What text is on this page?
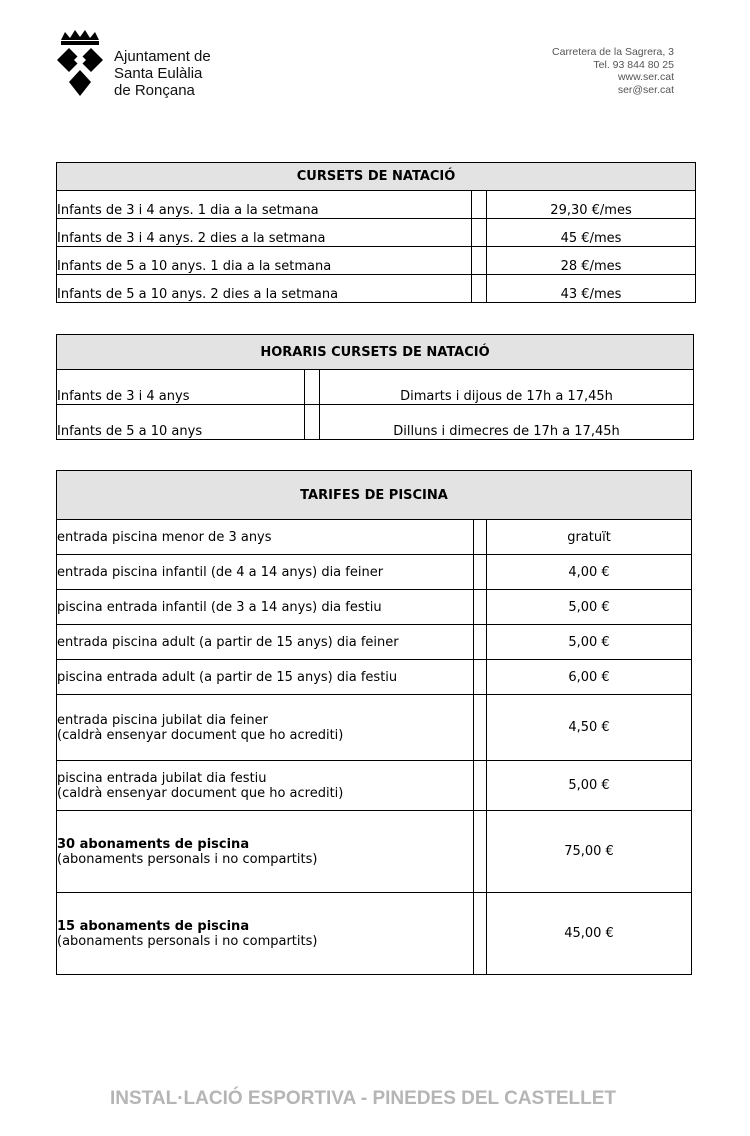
Ajuntament de
Santa Eulàlia
de Ronçana
Carretera de la Sagrera, 3
Tel. 93 844 80 25
www.ser.cat
ser@ser.cat
CURSETS DE NATACIÓ		
Infants de 3 i 4 anys. 1 dia a la setmana		29,30 €/mes
Infants de 3 i 4 anys. 2 dies a la setmana		45 €/mes
Infants de 5 a 10 anys. 1 dia a la setmana		28 €/mes
Infants de 5 a 10 anys. 2 dies a la setmana		43 €/mes
HORARIS CURSETS DE NATACIÓ		
Infants de 3 i 4 anys		Dimarts i dijous de 17h a 17,45h
Infants de 5 a 10 anys		Dilluns i dimecres de 17h a 17,45h
TARIFES DE PISCINA		
entrada piscina menor de 3 anys		gratuït
entrada piscina infantil (de 4 a 14 anys) dia feiner		4,00 €
piscina entrada infantil (de 3 a 14 anys) dia festiu		5,00 €
entrada piscina adult (a partir de 15 anys) dia feiner		5,00 €
piscina entrada adult (a partir de 15 anys) dia festiu		6,00 €

entrada piscina jubilat dia feiner
(caldrà ensenyar document que ho acrediti)		4,50 €

piscina entrada jubilat dia festiu
(caldrà ensenyar document que ho acrediti)		5,00 €

30 abonaments de piscina
(abonaments personals i no compartits)		75,00 €

15 abonaments de piscina
(abonaments personals i no compartits)		45,00 €
INSTAL·LACIÓ ESPORTIVA - PINEDES DEL CASTELLET
